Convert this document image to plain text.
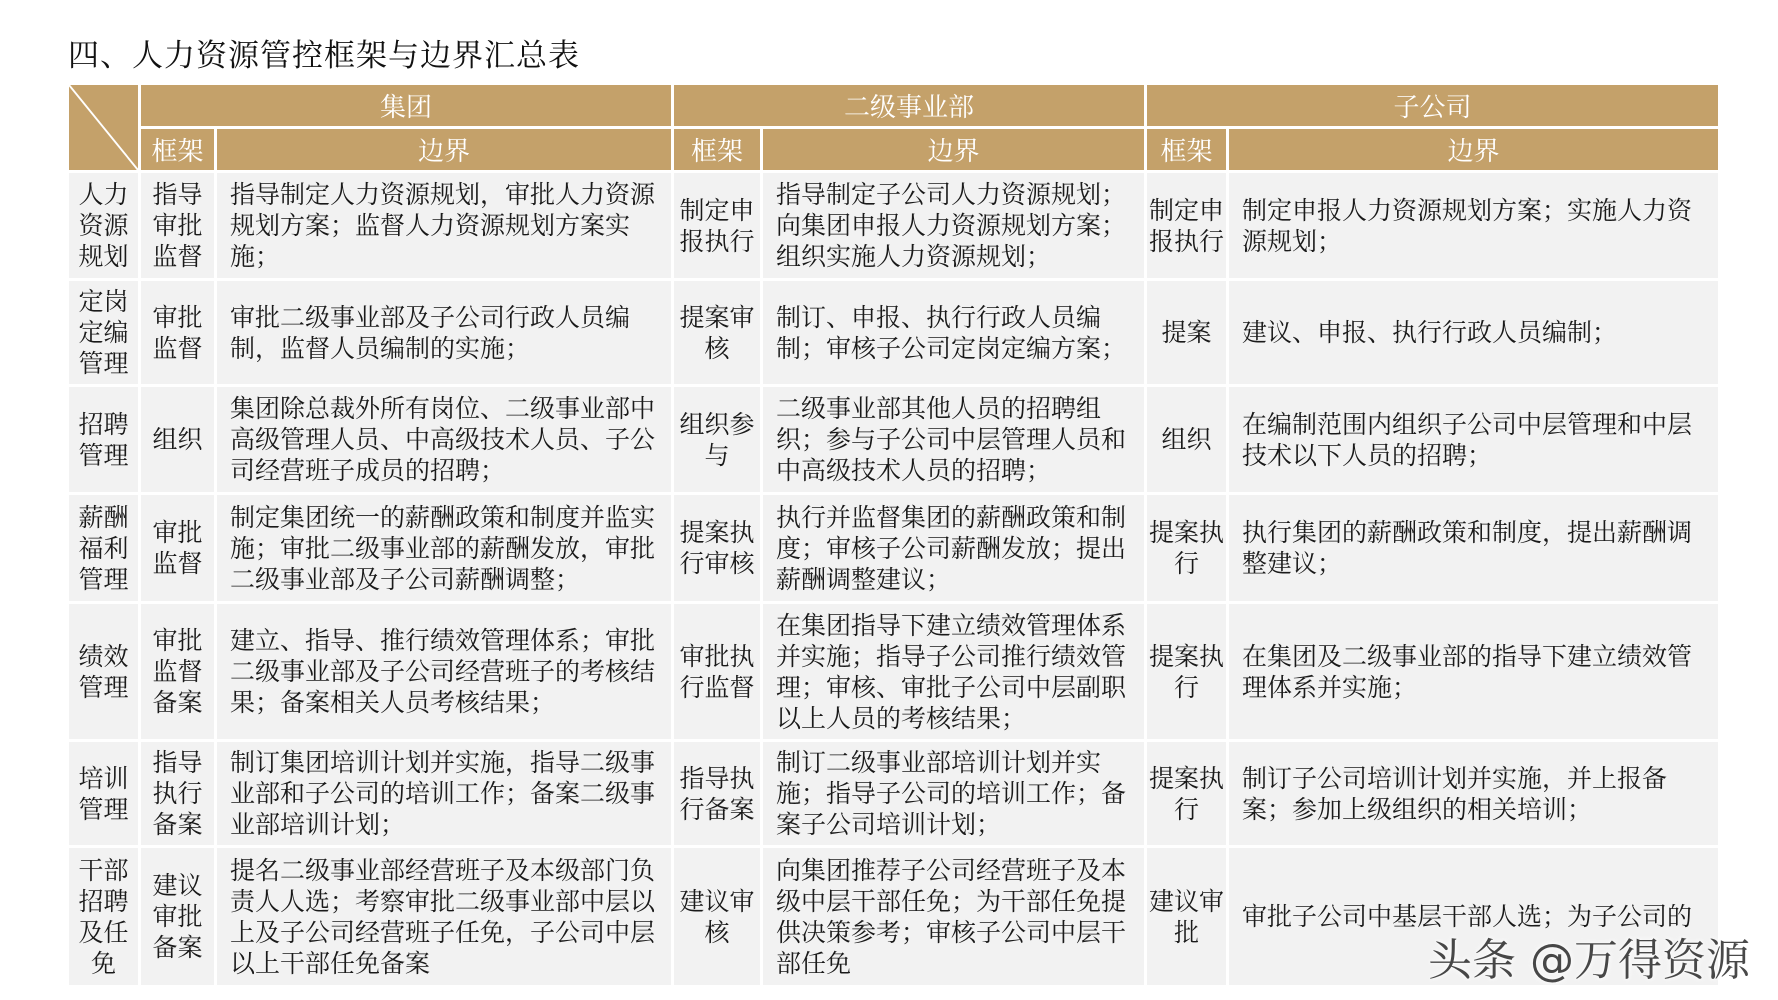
四、人力资源管控框架与边界汇总表
	集团		二级事业部		子公司	
	框架	边界	框架	边界	框架	边界
人力资源规划	指导审批监督	指导制定人力资源规划，审批人力资源规划方案；监督人力资源规划方案实施；	制定申报执行	指导制定子公司人力资源规划；向集团申报人力资源规划方案；组织实施人力资源规划；	制定申报执行	制定申报人力资源规划方案；实施人力资源规划；
定岗定编管理	审批监督	审批二级事业部及子公司行政人员编制，监督人员编制的实施；	提案审核	制订、申报、执行行政人员编制；审核子公司定岗定编方案；	提案	建议、申报、执行行政人员编制；
招聘管理	组织	集团除总裁外所有岗位、二级事业部中高级管理人员、中高级技术人员、子公司经营班子成员的招聘；	组织参与	二级事业部其他人员的招聘组织；参与子公司中层管理人员和中高级技术人员的招聘；	组织	在编制范围内组织子公司中层管理和中层技术以下人员的招聘；
薪酬福利管理	审批监督	制定集团统一的薪酬政策和制度并监实施；审批二级事业部的薪酬发放，审批二级事业部及子公司薪酬调整；	提案执行审核	执行并监督集团的薪酬政策和制度；审核子公司薪酬发放；提出薪酬调整建议；	提案执行	执行集团的薪酬政策和制度，提出薪酬调整建议；
绩效管理	审批监督备案	建立、指导、推行绩效管理体系；审批二级事业部及子公司经营班子的考核结果；备案相关人员考核结果；	审批执行监督	在集团指导下建立绩效管理体系并实施；指导子公司推行绩效管理；审核、审批子公司中层副职以上人员的考核结果；	提案执行	在集团及二级事业部的指导下建立绩效管理体系并实施；
培训管理	指导执行备案	制订集团培训计划并实施，指导二级事业部和子公司的培训工作；备案二级事业部培训计划；	指导执行备案	制订二级事业部培训计划并实施；指导子公司的培训工作；备案子公司培训计划；	提案执行	制订子公司培训计划并实施，并上报备案；参加上级组织的相关培训；
干部招聘及任免	建议审批备案	提名二级事业部经营班子及本级部门负责人人选；考察审批二级事业部中层以上及子公司经营班子任免，子公司中层以上干部任免备案	建议审核	向集团推荐子公司经营班子及本级中层干部任免；为干部任免提供决策参考；审核子公司中层干部任免	建议审批	审批子公司中基层干部人选；为子公司的
头条 @万得资源
